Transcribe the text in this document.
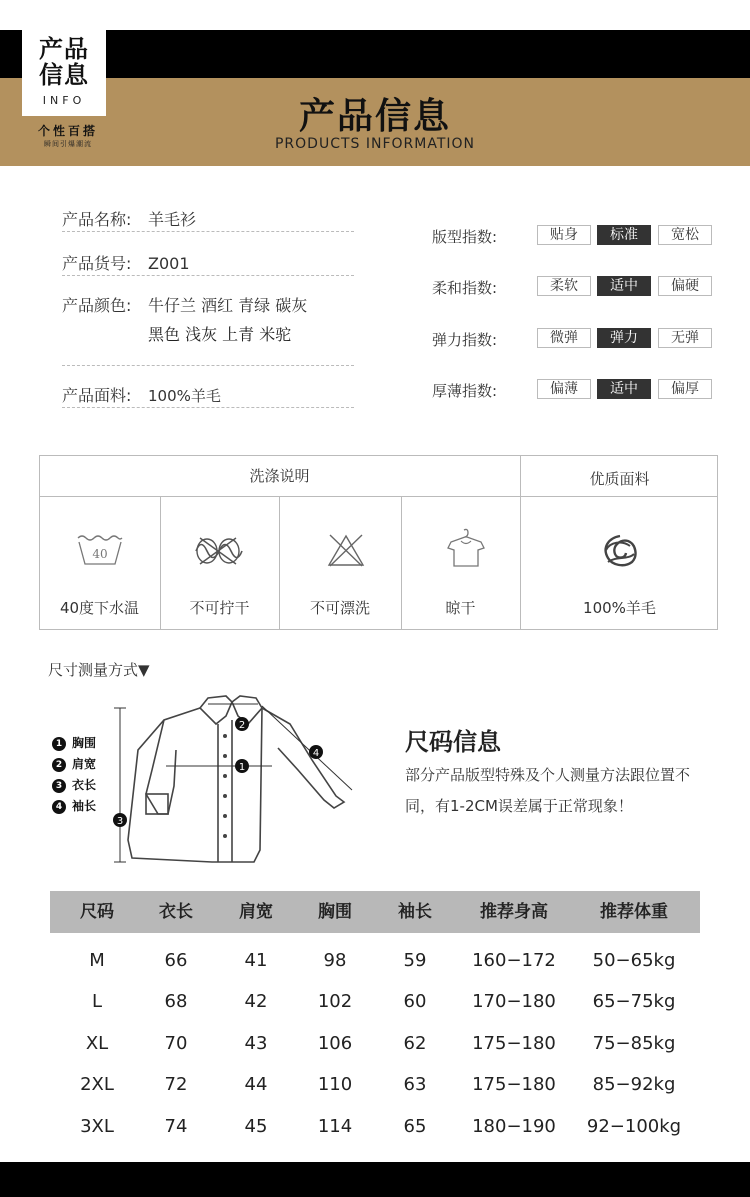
产品
信息
INFO
个性百搭
瞬间引爆潮流
产品信息
PRODUCTS INFORMATION
产品名称: 羊毛衫
产品货号: Z001
产品颜色: 牛仔兰 酒红 青绿 碳灰
黑色 浅灰 上青 米驼
产品面料: 100%羊毛
版型指数:	贴身	标准	宽松
柔和指数:	柔软	适中	偏硬
弹力指数:	微弹	弹力	无弹
厚薄指数:	偏薄	适中	偏厚
洗涤说明	优质面料
40
40度下水温	不可拧干	不可漂洗	晾干	100%羊毛
尺寸测量方式▼
1 胸围
2 肩宽
3 衣长
4 袖长
1
2
3
4	尺码信息
部分产品版型特殊及个人测量方法跟位置不同，有1-2CM误差属于正常现象！
尺码	衣长	肩宽	胸围	袖长	推荐身高	推荐体重
M	66	41	98	59	160−172	50−65kg
L	68	42	102	60	170−180	65−75kg
XL	70	43	106	62	175−180	75−85kg
2XL	72	44	110	63	175−180	85−92kg
3XL	74	45	114	65	180−190	92−100kg
